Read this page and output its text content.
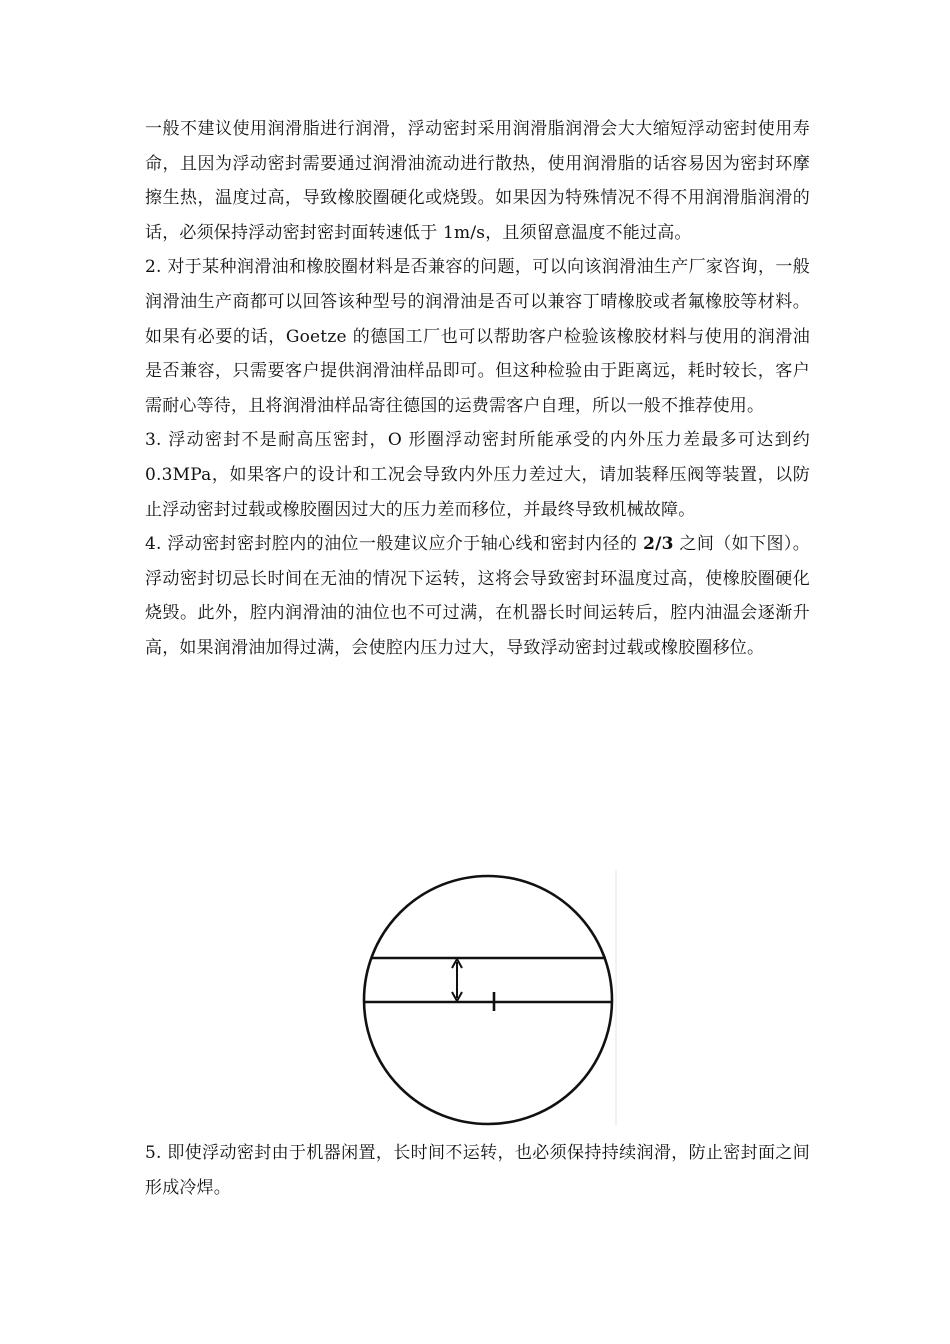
一般不建议使用润滑脂进行润滑，浮动密封采用润滑脂润滑会大大缩短浮动密封使用寿命，且因为浮动密封需要通过润滑油流动进行散热，使用润滑脂的话容易因为密封环摩擦生热，温度过高，导致橡胶圈硬化或烧毁。如果因为特殊情况不得不用润滑脂润滑的话，必须保持浮动密封密封面转速低于 1m/s，且须留意温度不能过高。

2. 对于某种润滑油和橡胶圈材料是否兼容的问题，可以向该润滑油生产厂家咨询，一般润滑油生产商都可以回答该种型号的润滑油是否可以兼容丁晴橡胶或者氟橡胶等材料。如果有必要的话，Goetze 的德国工厂也可以帮助客户检验该橡胶材料与使用的润滑油是否兼容，只需要客户提供润滑油样品即可。但这种检验由于距离远，耗时较长，客户需耐心等待，且将润滑油样品寄往德国的运费需客户自理，所以一般不推荐使用。

3. 浮动密封不是耐高压密封，O 形圈浮动密封所能承受的内外压力差最多可达到约 0.3MPa，如果客户的设计和工况会导致内外压力差过大，请加装释压阀等装置，以防止浮动密封过载或橡胶圈因过大的压力差而移位，并最终导致机械故障。

4. 浮动密封密封腔内的油位一般建议应介于轴心线和密封内径的 2/3 之间（如下图）。浮动密封切忌长时间在无油的情况下运转，这将会导致密封环温度过高，使橡胶圈硬化烧毁。此外，腔内润滑油的油位也不可过满，在机器长时间运转后，腔内油温会逐渐升高，如果润滑油加得过满，会使腔内压力过大，导致浮动密封过载或橡胶圈移位。

5. 即使浮动密封由于机器闲置，长时间不运转，也必须保持持续润滑，防止密封面之间形成冷焊。
